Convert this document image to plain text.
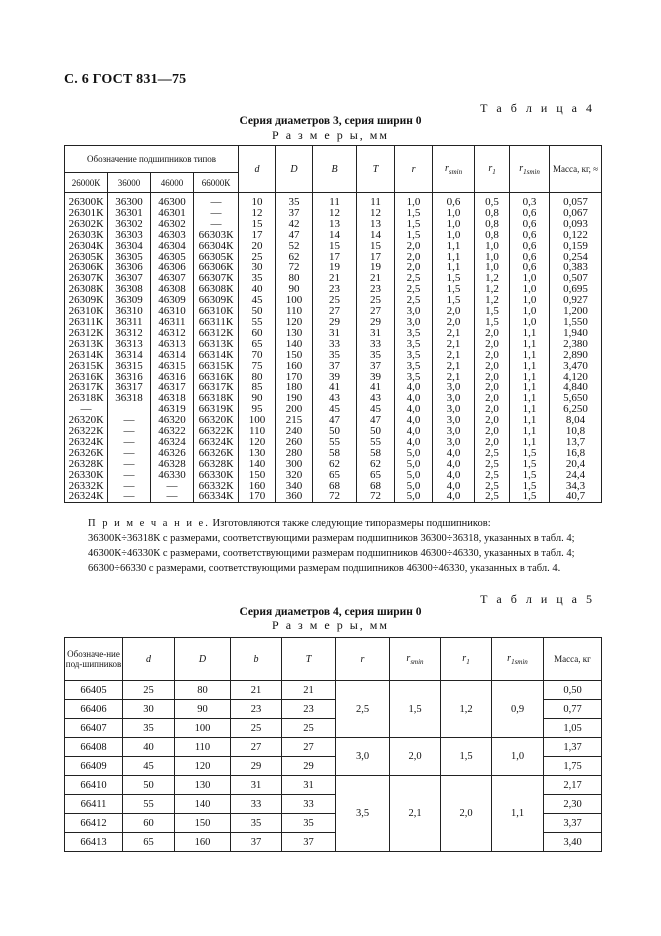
С. 6 ГОСТ 831—75
Т а б л и ц а 4
Серия диаметров 3, серия ширин 0
Р а з м е р ы, мм
Обозначение подшипников типов				d	D	B	T	r	$r_{smin}$	$r_1$	$r_{1smin}$	Масса, кг, ≈
26000К	36000	46000	66000К									
26300К	36300	46300	—	10	35	11	11	1,0	0,6	0,5	0,3	0,057
26301К	36301	46301	—	12	37	12	12	1,5	1,0	0,8	0,6	0,067
26302К	36302	46302	—	15	42	13	13	1,5	1,0	0,8	0,6	0,093
26303К	36303	46303	66303К	17	47	14	14	1,5	1,0	0,8	0,6	0,122
26304К	36304	46304	66304К	20	52	15	15	2,0	1,1	1,0	0,6	0,159
26305К	36305	46305	66305К	25	62	17	17	2,0	1,1	1,0	0,6	0,254
26306К	36306	46306	66306К	30	72	19	19	2,0	1,1	1,0	0,6	0,383
26307К	36307	46307	66307К	35	80	21	21	2,5	1,5	1,2	1,0	0,507
26308К	36308	46308	66308К	40	90	23	23	2,5	1,5	1,2	1,0	0,695
26309К	36309	46309	66309К	45	100	25	25	2,5	1,5	1,2	1,0	0,927
26310К	36310	46310	66310К	50	110	27	27	3,0	2,0	1,5	1,0	1,200
26311К	36311	46311	66311К	55	120	29	29	3,0	2,0	1,5	1,0	1,550
26312К	36312	46312	66312К	60	130	31	31	3,5	2,1	2,0	1,1	1,940
26313К	36313	46313	66313К	65	140	33	33	3,5	2,1	2,0	1,1	2,380
26314К	36314	46314	66314К	70	150	35	35	3,5	2,1	2,0	1,1	2,890
26315К	36315	46315	66315К	75	160	37	37	3,5	2,1	2,0	1,1	3,470
26316К	36316	46316	66316К	80	170	39	39	3,5	2,1	2,0	1,1	4,120
26317К	36317	46317	66317К	85	180	41	41	4,0	3,0	2,0	1,1	4,840
26318К	36318	46318	66318К	90	190	43	43	4,0	3,0	2,0	1,1	5,650
—		46319	66319К	95	200	45	45	4,0	3,0	2,0	1,1	6,250
26320К	—	46320	66320К	100	215	47	47	4,0	3,0	2,0	1,1	8,04
26322К	—	46322	66322К	110	240	50	50	4,0	3,0	2,0	1,1	10,8
26324К	—	46324	66324К	120	260	55	55	4,0	3,0	2,0	1,1	13,7
26326К	—	46326	66326К	130	280	58	58	5,0	4,0	2,5	1,5	16,8
26328К	—	46328	66328К	140	300	62	62	5,0	4,0	2,5	1,5	20,4
26330К	—	46330	66330К	150	320	65	65	5,0	4,0	2,5	1,5	24,4
26332К	—	—	66332К	160	340	68	68	5,0	4,0	2,5	1,5	34,3
26324К	—	—	66334К	170	360	72	72	5,0	4,0	2,5	1,5	40,7

П р и м е ч а н и е. Изготовляются также следующие типоразмеры подшипников:

36300К÷36318К с размерами, соответствующими размерам подшипников 36300÷36318, указанных в табл. 4;

46300К÷46330К с размерами, соответствующими размерам подшипников 46300÷46330, указанных в табл. 4;

66300÷66330 с размерами, соответствующими размерам подшипников 46300÷46330, указанных в табл. 4.

Т а б л и ц а 5
Серия диаметров 4, серия ширин 0
Р а з м е р ы, мм
Обозначе-ние под-шипников	d	D	b	T	r	$r_{smin}$	$r_1$	$r_{1smin}$	Масса, кг
66405	25	80	21	21	2,5	1,5	1,2	0,9	0,50
66406	30	90	23	23					0,77
66407	35	100	25	25					1,05
66408	40	110	27	27	3,0	2,0	1,5	1,0	1,37
66409	45	120	29	29					1,75
66410	50	130	31	31	3,5	2,1	2,0	1,1	2,17
66411	55	140	33	33					2,30
66412	60	150	35	35					3,37
66413	65	160	37	37					3,40
